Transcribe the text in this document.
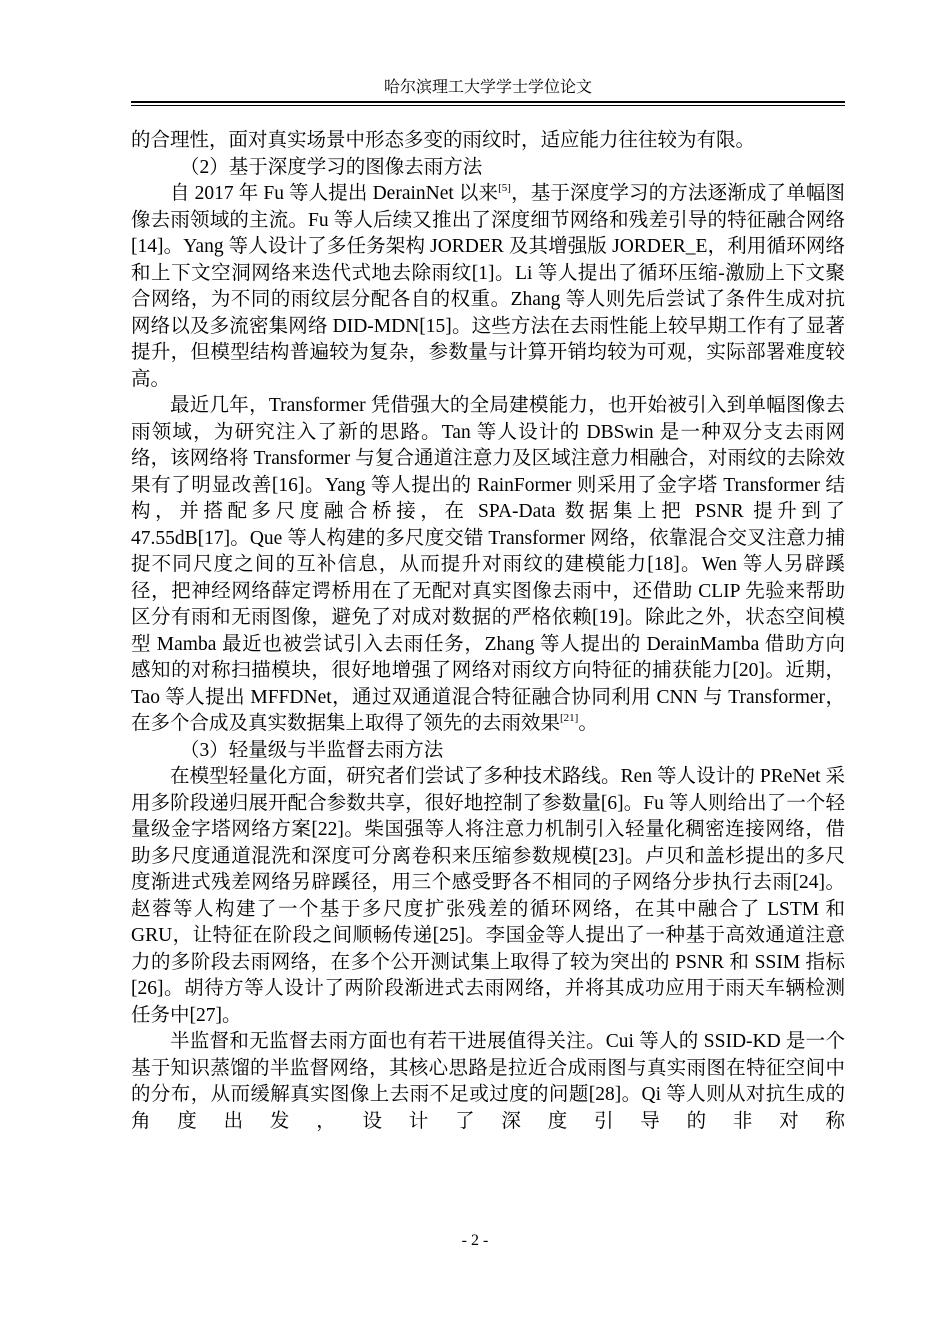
哈尔滨理工大学学士学位论文

的合理性，面对真实场景中形态多变的雨纹时，适应能力往往较为有限。

（2）基于深度学习的图像去雨方法

自 2017 年 Fu 等人提出 DerainNet 以来[5]，基于深度学习的方法逐渐成了单幅图像去雨领域的主流。Fu 等人后续又推出了深度细节网络和残差引导的特征融合网络[14]。Yang 等人设计了多任务架构 JORDER 及其增强版 JORDER_E，利用循环网络和上下文空洞网络来迭代式地去除雨纹[1]。Li 等人提出了循环压缩-激励上下文聚合网络，为不同的雨纹层分配各自的权重。Zhang 等人则先后尝试了条件生成对抗网络以及多流密集网络 DID-MDN[15]。这些方法在去雨性能上较早期工作有了显著提升，但模型结构普遍较为复杂，参数量与计算开销均较为可观，实际部署难度较高。

最近几年，Transformer 凭借强大的全局建模能力，也开始被引入到单幅图像去雨领域，为研究注入了新的思路。Tan 等人设计的 DBSwin 是一种双分支去雨网络，该网络将 Transformer 与复合通道注意力及区域注意力相融合，对雨纹的去除效果有了明显改善[16]。Yang 等人提出的 RainFormer 则采用了金字塔 Transformer 结构，并搭配多尺度融合桥接，在 SPA-Data 数据集上把 PSNR 提升到了 47.55dB[17]。Que 等人构建的多尺度交错 Transformer 网络，依靠混合交叉注意力捕捉不同尺度之间的互补信息，从而提升对雨纹的建模能力[18]。Wen 等人另辟蹊径，把神经网络薛定谔桥用在了无配对真实图像去雨中，还借助 CLIP 先验来帮助区分有雨和无雨图像，避免了对成对数据的严格依赖[19]。除此之外，状态空间模型 Mamba 最近也被尝试引入去雨任务，Zhang 等人提出的 DerainMamba 借助方向感知的对称扫描模块，很好地增强了网络对雨纹方向特征的捕获能力[20]。近期，Tao 等人提出 MFFDNet，通过双通道混合特征融合协同利用 CNN 与 Transformer，在多个合成及真实数据集上取得了领先的去雨效果[21]。

（3）轻量级与半监督去雨方法

在模型轻量化方面，研究者们尝试了多种技术路线。Ren 等人设计的 PReNet 采用多阶段递归展开配合参数共享，很好地控制了参数量[6]。Fu 等人则给出了一个轻量级金字塔网络方案[22]。柴国强等人将注意力机制引入轻量化稠密连接网络，借助多尺度通道混洗和深度可分离卷积来压缩参数规模[23]。卢贝和盖杉提出的多尺度渐进式残差网络另辟蹊径，用三个感受野各不相同的子网络分步执行去雨[24]。赵蓉等人构建了一个基于多尺度扩张残差的循环网络，在其中融合了 LSTM 和 GRU，让特征在阶段之间顺畅传递[25]。李国金等人提出了一种基于高效通道注意力的多阶段去雨网络，在多个公开测试集上取得了较为突出的 PSNR 和 SSIM 指标[26]。胡待方等人设计了两阶段渐进式去雨网络，并将其成功应用于雨天车辆检测任务中[27]。

半监督和无监督去雨方面也有若干进展值得关注。Cui 等人的 SSID-KD 是一个基于知识蒸馏的半监督网络，其核心思路是拉近合成雨图与真实雨图在特征空间中的分布，从而缓解真实图像上去雨不足或过度的问题[28]。Qi 等人则从对抗生成的角度出发，设计了深度引导的非对称

- 2 -
